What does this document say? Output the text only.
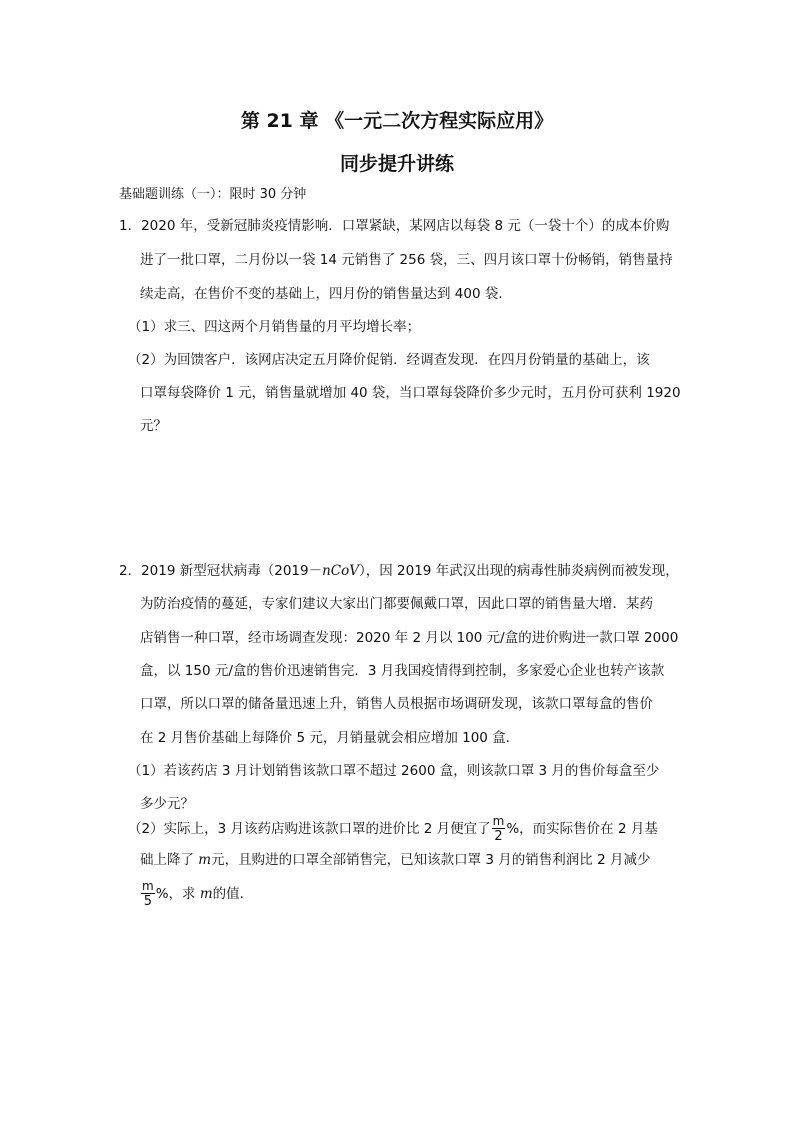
第 21 章 《一元二次方程实际应用》
同步提升讲练
基础题训练（一）：限时 30 分钟
1．2020 年，受新冠肺炎疫情影响．口罩紧缺，某网店以每袋 8 元（一袋十个）的成本价购
进了一批口罩，二月份以一袋 14 元销售了 256 袋，三、四月该口罩十份畅销，销售量持
续走高，在售价不变的基础上，四月份的销售量达到 400 袋．
（1）求三、四这两个月销售量的月平均增长率；
（2）为回馈客户．该网店决定五月降价促销．经调查发现．在四月份销量的基础上，该
口罩每袋降价 1 元，销售量就增加 40 袋，当口罩每袋降价多少元时，五月份可获利 1920
元？
2．2019 新型冠状病毒（2019－nCoV），因 2019 年武汉出现的病毒性肺炎病例而被发现，
为防治疫情的蔓延，专家们建议大家出门都要佩戴口罩，因此口罩的销售量大增．某药
店销售一种口罩，经市场调查发现：2020 年 2 月以 100 元/盒的进价购进一款口罩 2000
盒，以 150 元/盒的售价迅速销售完．3 月我国疫情得到控制，多家爱心企业也转产该款
口罩，所以口罩的储备量迅速上升，销售人员根据市场调研发现，该款口罩每盒的售价
在 2 月售价基础上每降价 5 元，月销量就会相应增加 100 盒．
（1）若该药店 3 月计划销售该款口罩不超过 2600 盒，则该款口罩 3 月的售价每盒至少
多少元？
（2）实际上，3 月该药店购进该款口罩的进价比 2 月便宜了 $\frac{m}{2}$ %，而实际售价在 2 月基
础上降了 m元，且购进的口罩全部销售完，已知该款口罩 3 月的销售利润比 2 月减少
$\frac{m}{5}$ %，求 m的值．
